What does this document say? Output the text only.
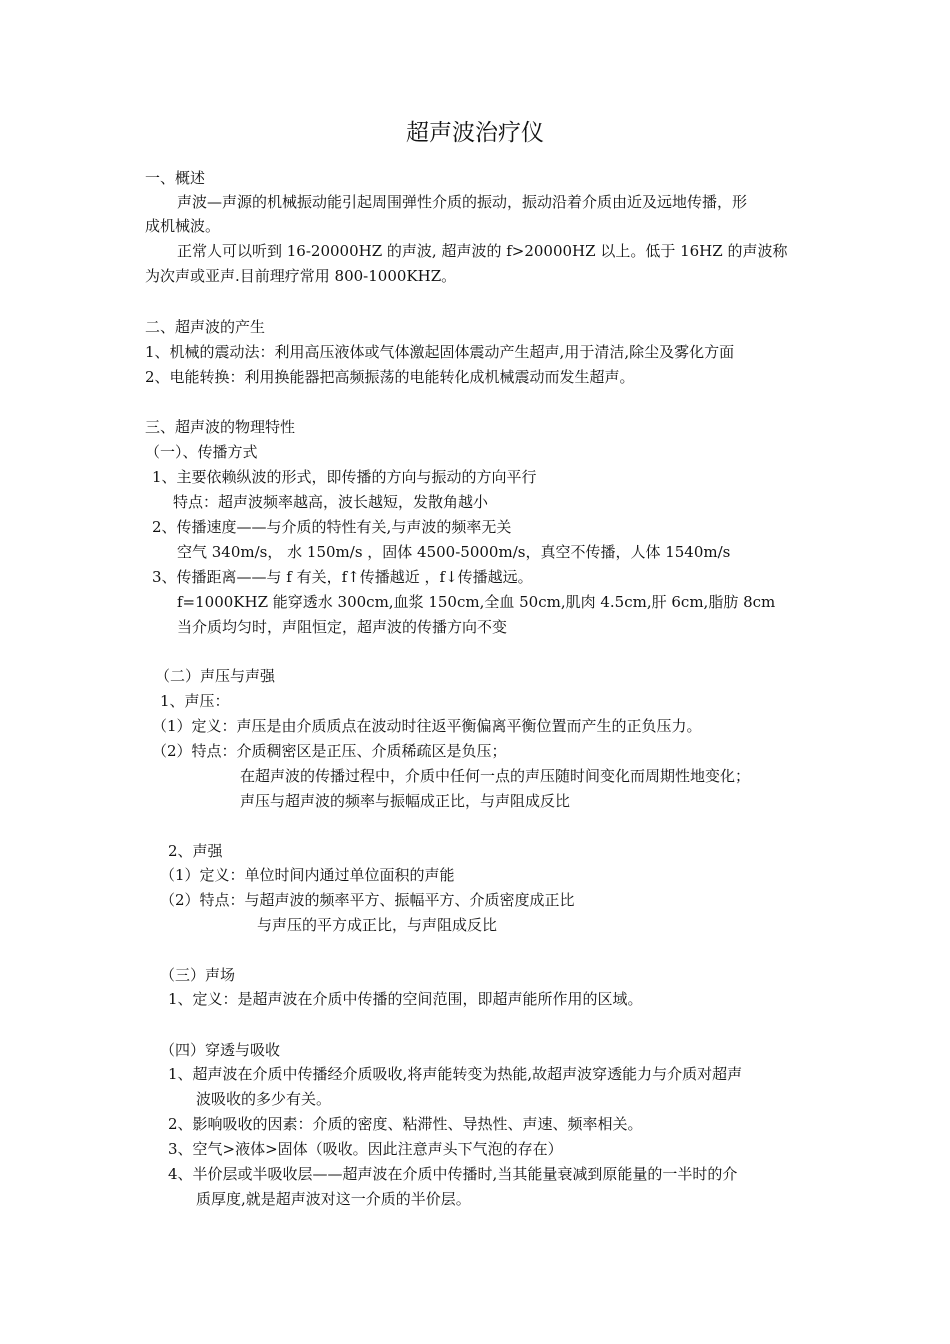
超声波治疗仪
一、概述
声波—声源的机械振动能引起周围弹性介质的振动，振动沿着介质由近及远地传播，形
成机械波。
正常人可以听到 16-20000HZ 的声波, 超声波的 f>20000HZ 以上。低于 16HZ 的声波称
为次声或亚声.目前理疗常用 800-1000KHZ。
二、超声波的产生
1、机械的震动法：利用高压液体或气体激起固体震动产生超声,用于清洁,除尘及雾化方面
2、电能转换：利用换能器把高频振荡的电能转化成机械震动而发生超声。
三、超声波的物理特性
（一）、传播方式
1、主要依赖纵波的形式，即传播的方向与振动的方向平行
特点：超声波频率越高，波长越短，发散角越小
2、传播速度——与介质的特性有关,与声波的频率无关
空气 340m/s， 水 150m/s ，固体 4500-5000m/s，真空不传播，人体 1540m/s
3、传播距离——与 f 有关，f↑传播越近 ，f↓传播越远。
f=1000KHZ 能穿透水 300cm,血浆 150cm,全血 50cm,肌肉 4.5cm,肝 6cm,脂肪 8cm
当介质均匀时，声阻恒定，超声波的传播方向不变
（二）声压与声强
1、声压：
（1）定义：声压是由介质质点在波动时往返平衡偏离平衡位置而产生的正负压力。
（2）特点：介质稠密区是正压、介质稀疏区是负压；
在超声波的传播过程中，介质中任何一点的声压随时间变化而周期性地变化；
声压与超声波的频率与振幅成正比，与声阻成反比
2、声强
（1）定义：单位时间内通过单位面积的声能
（2）特点：与超声波的频率平方、振幅平方、介质密度成正比
与声压的平方成正比，与声阻成反比
（三）声场
1、定义：是超声波在介质中传播的空间范围，即超声能所作用的区域。
（四）穿透与吸收
1、超声波在介质中传播经介质吸收,将声能转变为热能,故超声波穿透能力与介质对超声
波吸收的多少有关。
2、影响吸收的因素：介质的密度、粘滞性、导热性、声速、频率相关。
3、空气>液体>固体（吸收。因此注意声头下气泡的存在）
4、半价层或半吸收层——超声波在介质中传播时,当其能量衰减到原能量的一半时的介
质厚度,就是超声波对这一介质的半价层。
